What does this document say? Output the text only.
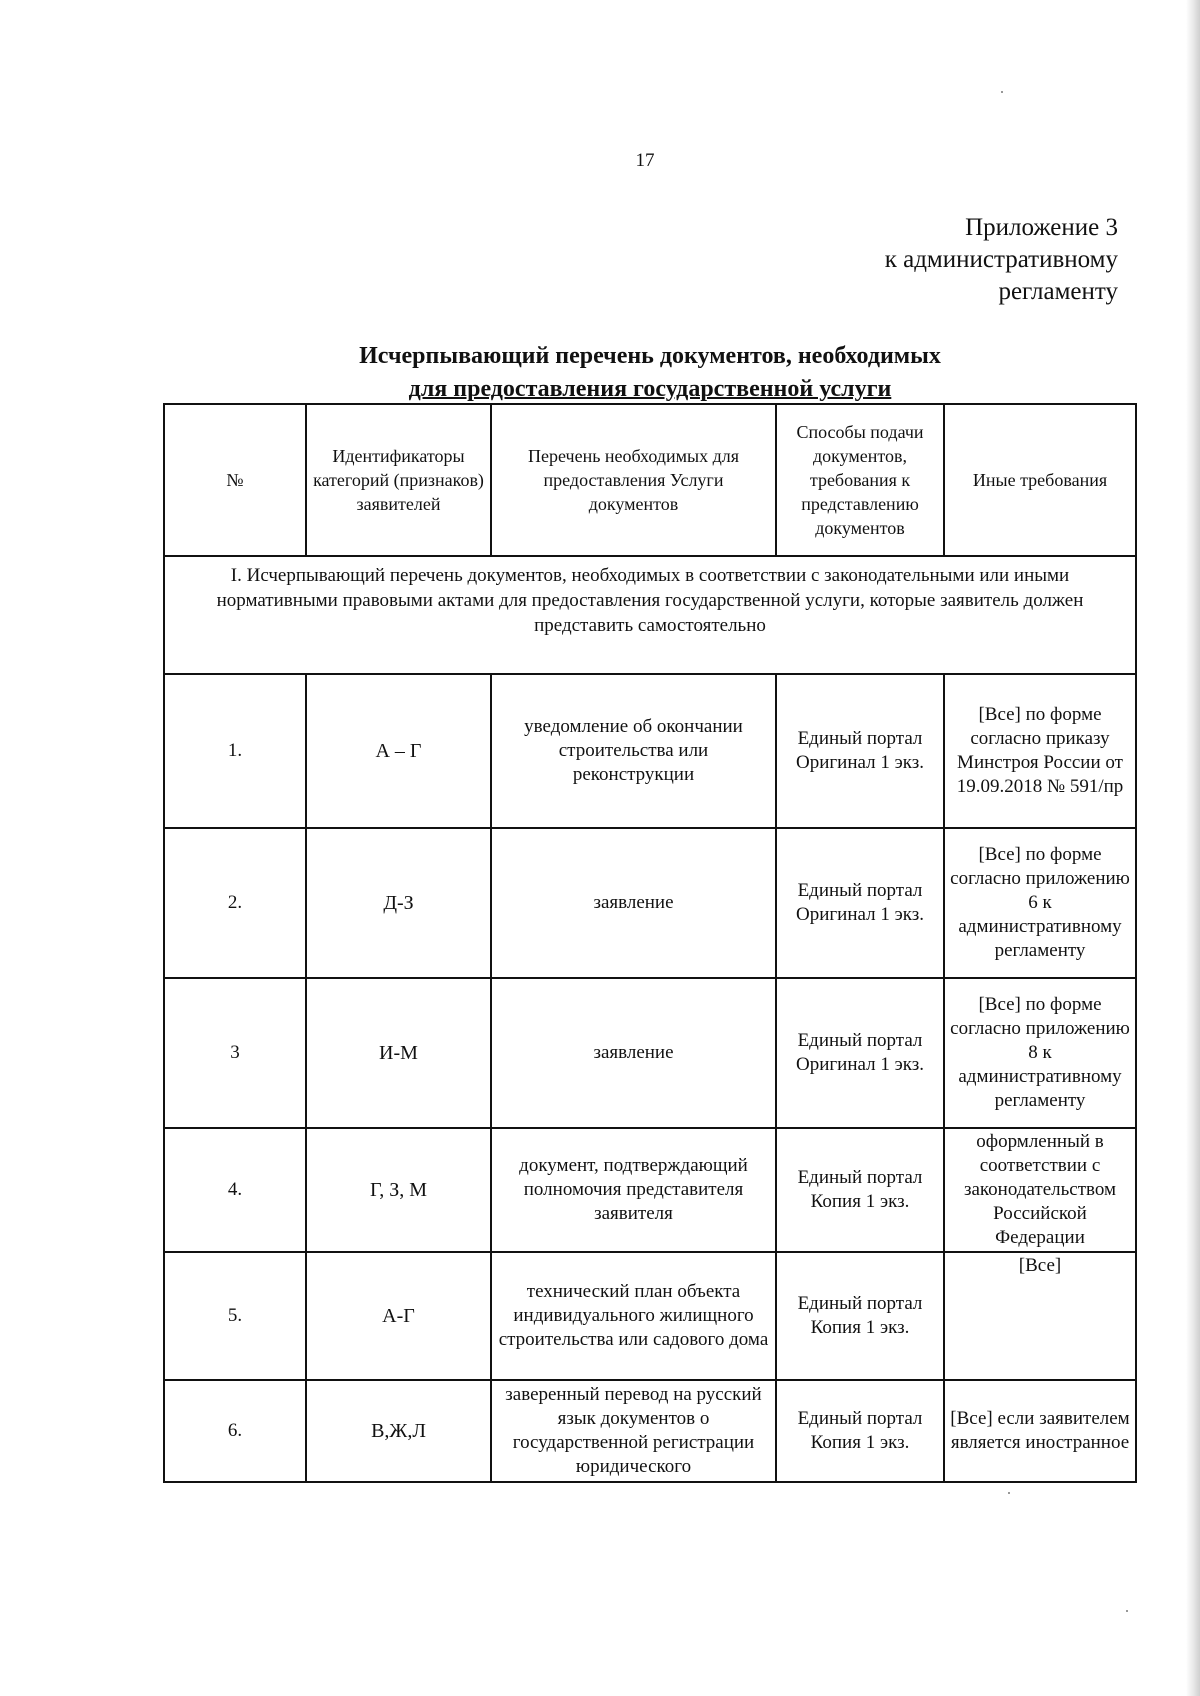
17
Приложение 3
к административному
регламенту
Исчерпывающий перечень документов, необходимых
для предоставления государственной услуги
№	Идентификаторы категорий (признаков) заявителей	Перечень необходимых для предоставления Услуги документов	Способы подачи документов, требования к представлению документов	Иные требования
I. Исчерпывающий перечень документов, необходимых в соответствии с законодательными или иными нормативными правовыми актами для предоставления государственной услуги, которые заявитель должен представить самостоятельно				
1.	А – Г	уведомление об окончании строительства или реконструкции	Единый портал Оригинал 1 экз.	[Все] по форме согласно приказу Минстроя России от 19.09.2018 № 591/пр
2.	Д-З	заявление	Единый портал Оригинал 1 экз.	[Все] по форме согласно приложению 6 к административному регламенту
3	И-М	заявление	Единый портал Оригинал 1 экз.	[Все] по форме согласно приложению 8 к административному регламенту
4.	Г, З, М	документ, подтверждающий полномочия представителя заявителя	Единый портал Копия 1 экз.	оформленный в соответствии с законодательством Российской Федерации
5.	А-Г	технический план объекта индивидуального жилищного строительства или садового дома	Единый портал Копия 1 экз.	[Все]
6.	В,Ж,Л	заверенный перевод на русский язык документов о государственной регистрации юридического	Единый портал Копия 1 экз.	[Все] если заявителем является иностранное
